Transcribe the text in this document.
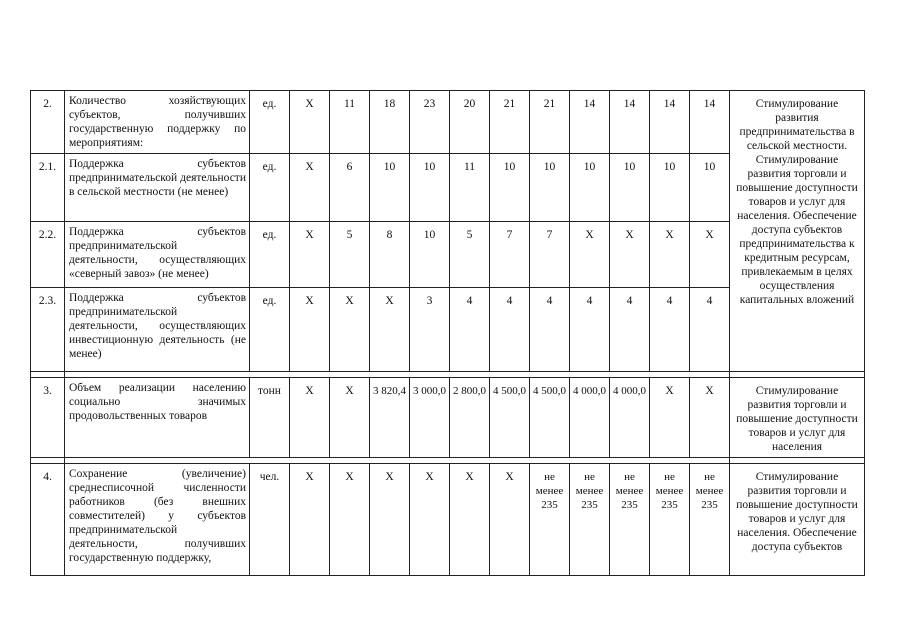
2.	Количество хозяйствующих субъектов, получивших государственную поддержку по мероприятиям:	ед.	X	11	18	23	20	21	21	14	14	14	14	Стимулирование развития предпринимательства в сельской местности. Стимулирование развития торговли и повышение доступности товаров и услуг для населения. Обеспечение доступа субъектов предпринимательства к кредитным ресурсам, привлекаемым в целях осуществления капитальных вложений
2.1.	Поддержка субъектов предпринимательской деятельности в сельской местности (не менее)	ед.	X	6	10	10	11	10	10	10	10	10	10	
2.2.	Поддержка субъектов предпринимательской деятельности, осуществляющих «северный завоз» (не менее)	ед.	X	5	8	10	5	7	7	X	X	X	X	
2.3.	Поддержка субъектов предпринимательской деятельности, осуществляющих инвестиционную деятельность (не менее)	ед.	X	X	X	3	4	4	4	4	4	4	4	

3.	Объем реализации населению социально значимых продовольственных товаров	тонн	X	X	3 820,4	3 000,0	2 800,0	4 500,0	4 500,0	4 000,0	4 000,0	X	X	Стимулирование развития торговли и повышение доступности товаров и услуг для населения

4.	Сохранение (увеличение) среднесписочной численности работников (без внешних совместителей) у субъектов предпринимательской деятельности, получивших государственную поддержку,	чел.	X	X	X	X	X	X	не менее 235	не менее 235	не менее 235	не менее 235	не менее 235	Стимулирование развития торговли и повышение доступности товаров и услуг для населения. Обеспечение доступа субъектов
